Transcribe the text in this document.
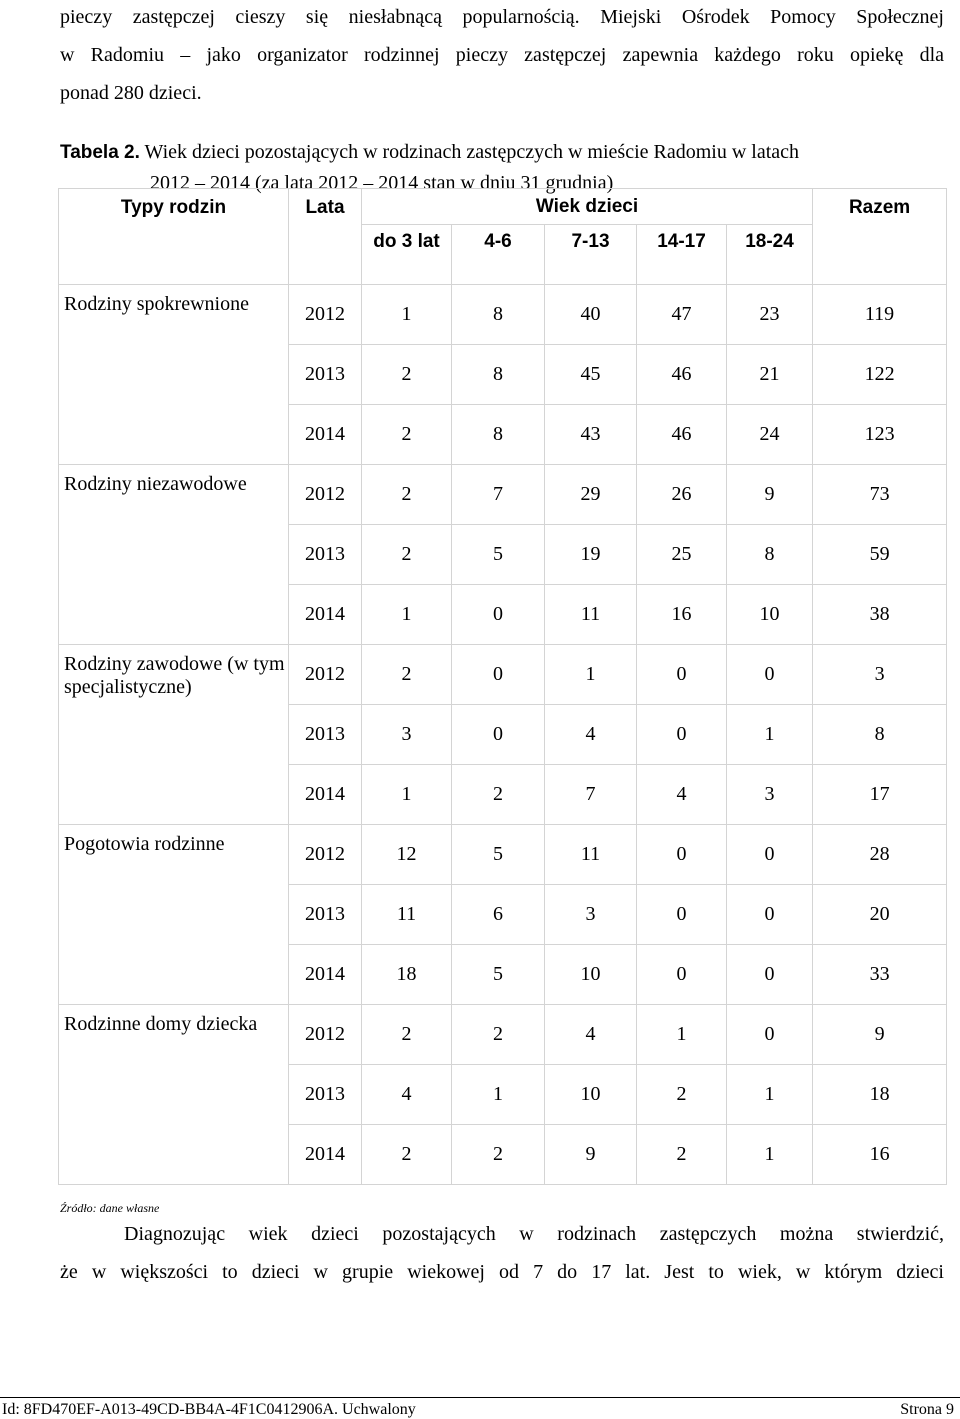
pieczy zastępczej cieszy się niesłabnącą popularnością. Miejski Ośrodek Pomocy Społecznej
w Radomiu – jako organizator rodzinnej pieczy zastępczej zapewnia każdego roku opiekę dla
ponad 280 dzieci.
Tabela 2. Wiek dzieci pozostających w rodzinach zastępczych w mieście Radomiu w latach
2012 – 2014 (za lata 2012 – 2014 stan w dniu 31 grudnia)
Typy rodzin	Lata	Wiek dzieci					Razem
		do 3 lat	4-6	7-13	14-17	18-24	
Rodziny spokrewnione	2012	1	8	40	47	23	119
	2013	2	8	45	46	21	122
	2014	2	8	43	46	24	123
Rodziny niezawodowe	2012	2	7	29	26	9	73
	2013	2	5	19	25	8	59
	2014	1	0	11	16	10	38
Rodziny zawodowe (w tym specjalistyczne)	2012	2	0	1	0	0	3
	2013	3	0	4	0	1	8
	2014	1	2	7	4	3	17
Pogotowia rodzinne	2012	12	5	11	0	0	28
	2013	11	6	3	0	0	20
	2014	18	5	10	0	0	33
Rodzinne domy dziecka	2012	2	2	4	1	0	9
	2013	4	1	10	2	1	18
	2014	2	2	9	2	1	16
Źródło: dane własne
Diagnozując wiek dzieci pozostających w rodzinach zastępczych można stwierdzić,
że w większości to dzieci w grupie wiekowej od 7 do 17 lat. Jest to wiek, w którym dzieci
Id: 8FD470EF-A013-49CD-BB4A-4F1C0412906A. Uchwalony	Strona 9
